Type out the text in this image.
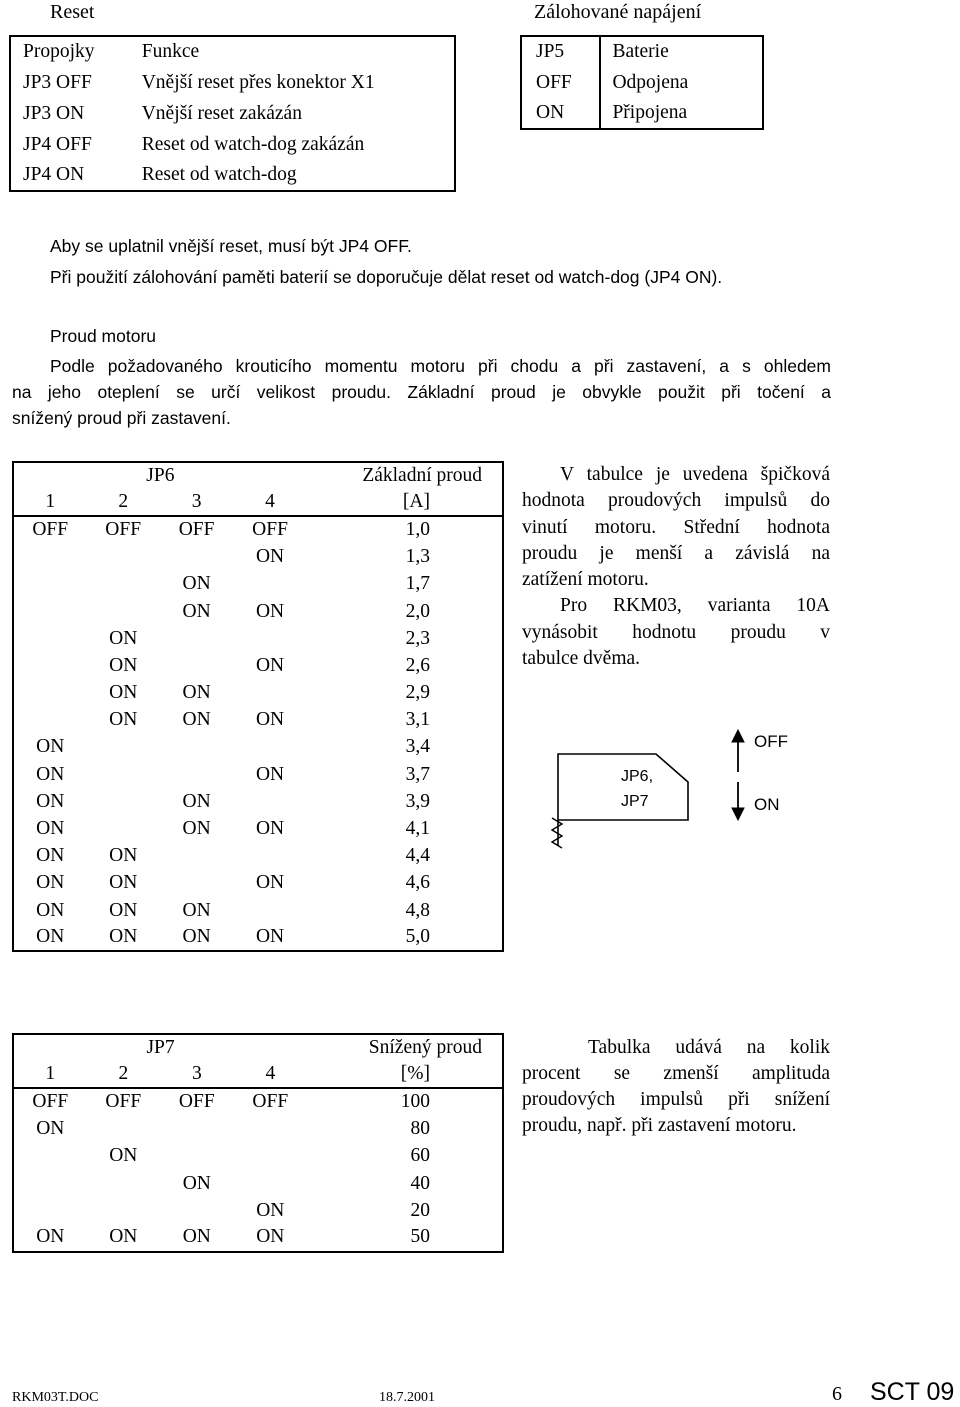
Reset	Zálohované napájení
Propojky	Funkce
JP3 OFF	Vnější reset přes konektor X1
JP3 ON	Vnější reset zakázán
JP4 OFF	Reset od watch-dog zakázán
JP4 ON	Reset od watch-dog
JP5	Baterie
OFF	Odpojena
ON	Připojena
Aby se uplatnil vnější reset, musí být JP4 OFF.
Při použití zálohování paměti baterií se doporučuje dělat reset od watch-dog (JP4 ON).
Proud motoru
Podle požadovaného krouticího momentu motoru při chodu a při zastavení, a s ohledem
na jeho oteplení se určí velikost proudu. Základní proud je obvykle použit při točení a
snížený proud při zastavení.
JP6				Základní proud
1	2	3	4	[A]
OFF	OFF	OFF	OFF	1,0
			ON	1,3
		ON		1,7
		ON	ON	2,0
	ON			2,3
	ON		ON	2,6
	ON	ON		2,9
	ON	ON	ON	3,1
ON				3,4
ON			ON	3,7
ON		ON		3,9
ON		ON	ON	4,1
ON	ON			4,4
ON	ON		ON	4,6
ON	ON	ON		4,8
ON	ON	ON	ON	5,0

V tabulce je uvedena špičková

hodnota proudových impulsů do

vinutí motoru. Střední hodnota

proudu je menší a závislá na

zatížení motoru.

Pro RKM03, varianta 10A

vynásobit hodnotu proudu v

tabulce dvěma.

JP6,
JP7
OFF
ON
JP7				Snížený proud
1	2	3	4	[%]
OFF	OFF	OFF	OFF	100
ON				80
	ON			60
		ON		40
			ON	20
ON	ON	ON	ON	50

Tabulka udává na kolik

procent se zmenší amplituda

proudových impulsů při snížení

proudu, např. při zastavení motoru.

RKM03T.DOC	18.7.2001	6 SCT 09
